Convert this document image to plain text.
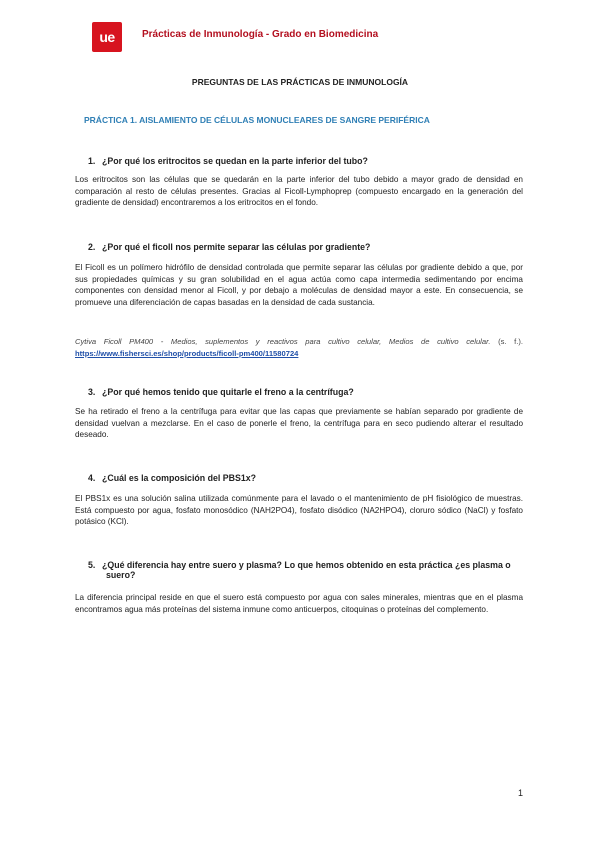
ue	Prácticas de Inmunología - Grado en Biomedicina
PREGUNTAS DE LAS PRÁCTICAS DE INMUNOLOGÍA
PRÁCTICA 1. AISLAMIENTO DE CÉLULAS MONUCLEARES DE SANGRE PERIFÉRICA
1. ¿Por qué los eritrocitos se quedan en la parte inferior del tubo?
Los eritrocitos son las células que se quedarán en la parte inferior del tubo debido a mayor grado de densidad en comparación al resto de células presentes. Gracias al Ficoll-Lymphoprep (compuesto encargado en la generación del gradiente de densidad) encontraremos a los eritrocitos en el fondo.
2. ¿Por qué el ficoll nos permite separar las células por gradiente?
El Ficoll es un polímero hidrófilo de densidad controlada que permite separar las células por gradiente debido a que, por sus propiedades químicas y su gran solubilidad en el agua actúa como capa intermedia sedimentando por encima componentes con densidad menor al Ficoll, y por debajo a moléculas de densidad mayor a este. En consecuencia, se promueve una diferenciación de capas basadas en la densidad de cada sustancia.
Cytiva Ficoll PM400 - Medios, suplementos y reactivos para cultivo celular, Medios de cultivo celular. (s. f.). https://www.fishersci.es/shop/products/ficoll-pm400/11580724
3. ¿Por qué hemos tenido que quitarle el freno a la centrífuga?
Se ha retirado el freno a la centrífuga para evitar que las capas que previamente se habían separado por gradiente de densidad vuelvan a mezclarse. En el caso de ponerle el freno, la centrífuga para en seco pudiendo alterar el resultado deseado.
4. ¿Cuál es la composición del PBS1x?
El PBS1x es una solución salina utilizada comúnmente para el lavado o el mantenimiento de pH fisiológico de muestras. Está compuesto por agua, fosfato monosódico (NAH2PO4), fosfato disódico (NA2HPO4), cloruro sódico (NaCl) y fosfato potásico (KCl).
5. ¿Qué diferencia hay entre suero y plasma? Lo que hemos obtenido en esta práctica ¿es plasma o
suero?
La diferencia principal reside en que el suero está compuesto por agua con sales minerales, mientras que en el plasma encontramos agua más proteínas del sistema inmune como anticuerpos, citoquinas o proteínas del complemento.
1
